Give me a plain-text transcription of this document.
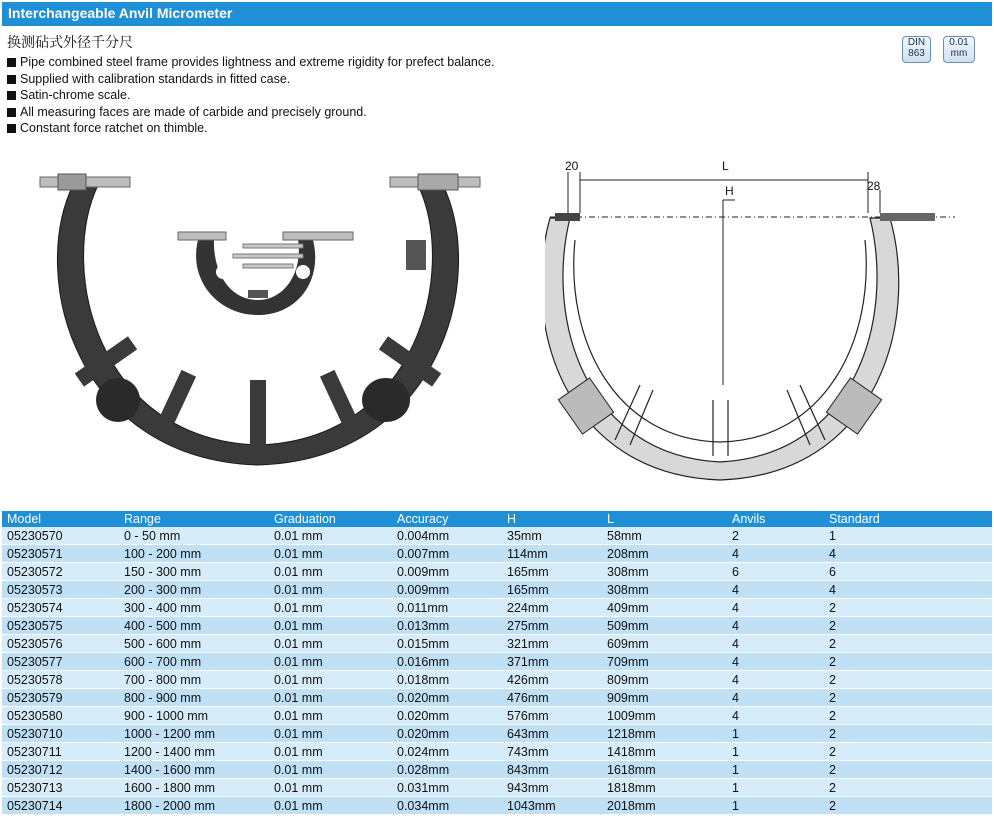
Interchangeable Anvil Micrometer
换测砧式外径千分尺
Pipe combined steel frame provides lightness and extreme rigidity for prefect balance.
Supplied with calibration standards in fitted case.
Satin-chrome scale.
All measuring faces are made of carbide and precisely ground.
Constant force ratchet on thimble.
DIN
863
0.01
mm
20	L
H	28
Model	Range	Graduation	Accuracy	H	L	Anvils	Standard
05230570	0 - 50 mm	0.01 mm	0.004mm	35mm	58mm	2	1
05230571	100 - 200 mm	0.01 mm	0.007mm	114mm	208mm	4	4
05230572	150 - 300 mm	0.01 mm	0.009mm	165mm	308mm	6	6
05230573	200 - 300 mm	0.01 mm	0.009mm	165mm	308mm	4	4
05230574	300 - 400 mm	0.01 mm	0.011mm	224mm	409mm	4	2
05230575	400 - 500 mm	0.01 mm	0.013mm	275mm	509mm	4	2
05230576	500 - 600 mm	0.01 mm	0.015mm	321mm	609mm	4	2
05230577	600 - 700 mm	0.01 mm	0.016mm	371mm	709mm	4	2
05230578	700 - 800 mm	0.01 mm	0.018mm	426mm	809mm	4	2
05230579	800 - 900 mm	0.01 mm	0.020mm	476mm	909mm	4	2
05230580	900 - 1000 mm	0.01 mm	0.020mm	576mm	1009mm	4	2
05230710	1000 - 1200 mm	0.01 mm	0.020mm	643mm	1218mm	1	2
05230711	1200 - 1400 mm	0.01 mm	0.024mm	743mm	1418mm	1	2
05230712	1400 - 1600 mm	0.01 mm	0.028mm	843mm	1618mm	1	2
05230713	1600 - 1800 mm	0.01 mm	0.031mm	943mm	1818mm	1	2
05230714	1800 - 2000 mm	0.01 mm	0.034mm	1043mm	2018mm	1	2
